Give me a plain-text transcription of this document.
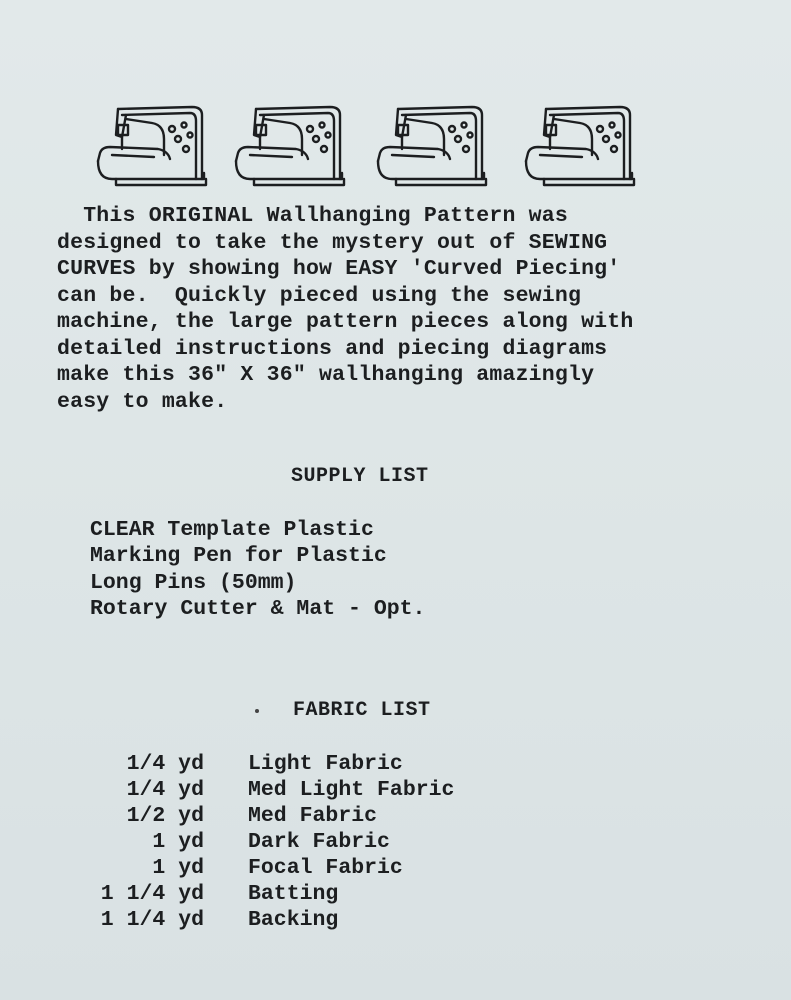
This ORIGINAL Wallhanging Pattern was
designed to take the mystery out of SEWING
CURVES by showing how EASY 'Curved Piecing'
can be.  Quickly pieced using the sewing
machine, the large pattern pieces along with
detailed instructions and piecing diagrams
make this 36" X 36" wallhanging amazingly
easy to make.
SUPPLY LIST
CLEAR Template Plastic
Marking Pen for Plastic
Long Pins (50mm)
Rotary Cutter & Mat - Opt.
FABRIC LIST
1/4 yd	Light Fabric
1/4 yd	Med Light Fabric
1/2 yd	Med Fabric
1 yd	Dark Fabric
1 yd	Focal Fabric
1 1/4 yd	Batting
1 1/4 yd	Backing
